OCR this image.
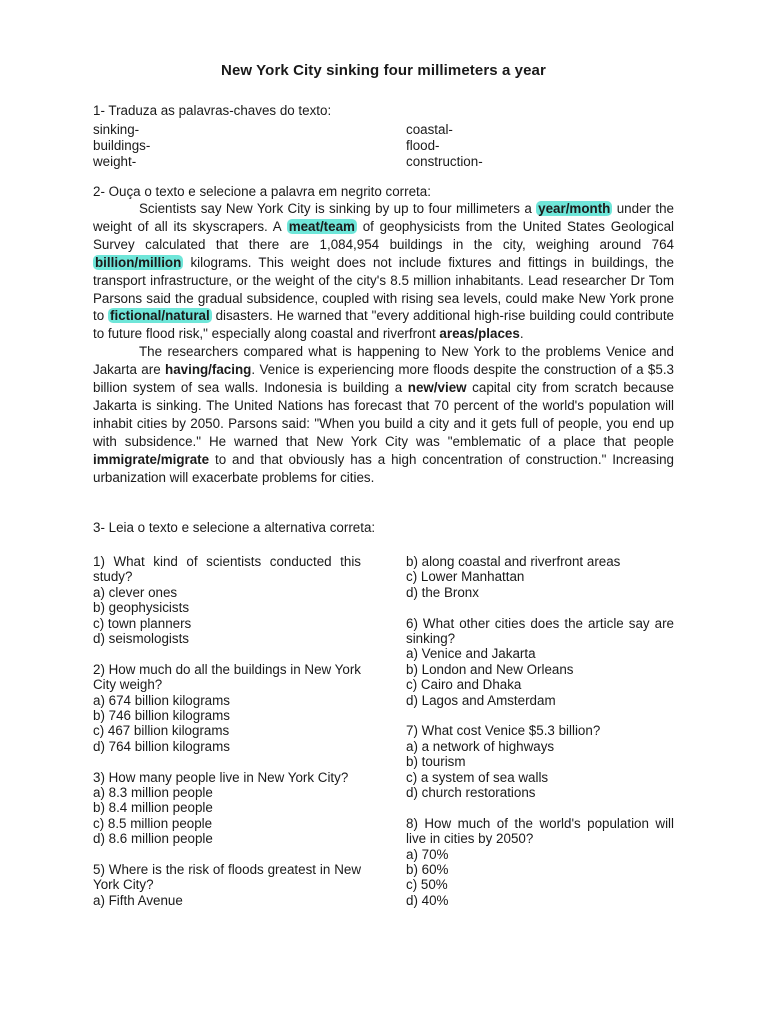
New York City sinking four millimeters a year
1- Traduza as palavras-chaves do texto:
sinking-	coastal-
buildings-	flood-
weight-	construction-
2- Ouça o texto e selecione a palavra em negrito correta:

Scientists say New York City is sinking by up to four millimeters a year/month under the weight of all its skyscrapers. A meat/team of geophysicists from the United States Geological Survey calculated that there are 1,084,954 buildings in the city, weighing around 764 billion/million kilograms. This weight does not include fixtures and fittings in buildings, the transport infrastructure, or the weight of the city's 8.5 million inhabitants. Lead researcher Dr Tom Parsons said the gradual subsidence, coupled with rising sea levels, could make New York prone to fictional/natural disasters. He warned that "every additional high-rise building could contribute to future flood risk," especially along coastal and riverfront areas/places.

The researchers compared what is happening to New York to the problems Venice and Jakarta are having/facing. Venice is experiencing more floods despite the construction of a $5.3 billion system of sea walls. Indonesia is building a new/view capital city from scratch because Jakarta is sinking. The United Nations has forecast that 70 percent of the world's population will inhabit cities by 2050. Parsons said: "When you build a city and it gets full of people, you end up with subsidence." He warned that New York City was "emblematic of a place that people immigrate/migrate to and that obviously has a high concentration of construction." Increasing urbanization will exacerbate problems for cities.

3- Leia o texto e selecione a alternativa correta:
1) What kind of scientists conducted this study?
a) clever ones
b) geophysicists
c) town planners
d) seismologists
2) How much do all the buildings in New York City weigh?
a) 674 billion kilograms
b) 746 billion kilograms
c) 467 billion kilograms
d) 764 billion kilograms
3) How many people live in New York City?
a) 8.3 million people
b) 8.4 million people
c) 8.5 million people
d) 8.6 million people
5) Where is the risk of floods greatest in New York City?
a) Fifth Avenue
b) along coastal and riverfront areas
c) Lower Manhattan
d) the Bronx
6) What other cities does the article say are sinking?
a) Venice and Jakarta
b) London and New Orleans
c) Cairo and Dhaka
d) Lagos and Amsterdam
7) What cost Venice $5.3 billion?
a) a network of highways
b) tourism
c) a system of sea walls
d) church restorations
8) How much of the world's population will live in cities by 2050?
a) 70%
b) 60%
c) 50%
d) 40%
